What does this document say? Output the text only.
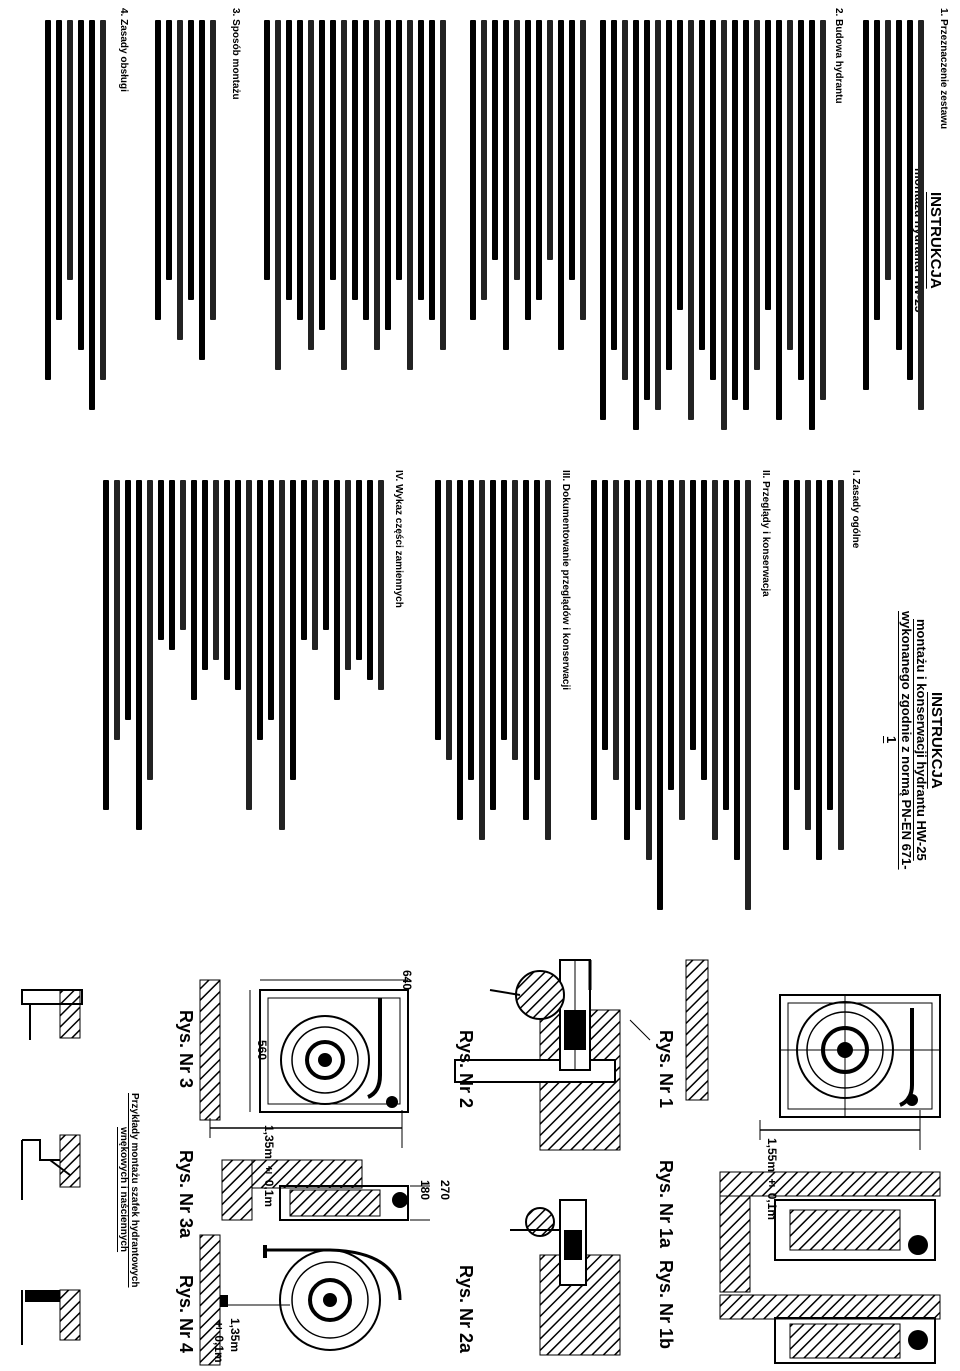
INSTRUKCJA
1. Przeznaczenie zestawu
2. Budowa hydrantu
3. Sposób montażu
4. Zasady obsługi
INSTRUKCJA
montażu i konserwacji hydrantu HW-25
wykonanego zgodnie z normą PN-EN 671-1
I. Zasady ogólne
II. Przeglądy i konserwacja
III. Dokumentowanie przeglądów i konserwacji
IV. Wykaz części zamiennych
Rys. Nr 1
Rys. Nr 1a
Rys. Nr 1b
Rys. Nr 2
Rys. Nr 2a
Rys. Nr 3
Rys. Nr 3a
Rys. Nr 4
1,55m ± 0,1m
1,35m ± 0,1m
640
560
270
180
1,35m
± 0,1m
Przykłady montażu szafek hydrantowych
wnękowych i naściennych
